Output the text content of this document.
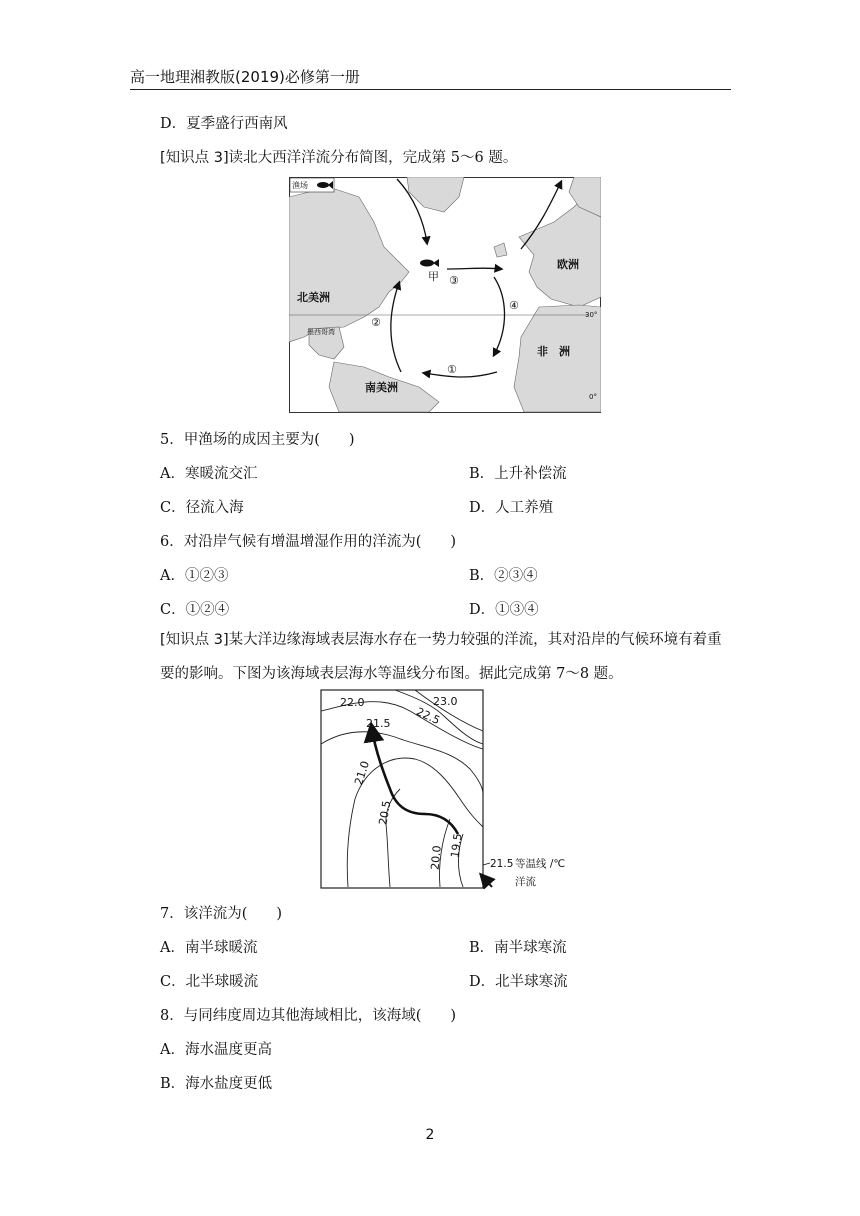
高一地理湘教版(2019)必修第一册
D．夏季盛行西南风
[知识点 3]读北大西洋洋流分布简图，完成第 5～6 题。
30°
0°
渔场
甲 ③
④
②
①
欧洲
北美洲
墨西哥湾
非　洲
南美洲
5．甲渔场的成因主要为(　　)
A．寒暖流交汇	B．上升补偿流
C．径流入海	D．人工养殖
6．对沿岸气候有增温增湿作用的洋流为(　　)
A．①②③	B．②③④
C．①②④	D．①③④
[知识点 3]某大洋边缘海域表层海水存在一势力较强的洋流，其对沿岸的气候环境有着重要的影响。下图为该海域表层海水等温线分布图。据此完成第 7～8 题。
22.0
22.5
23.0
21.5
21.0
20.5
20.0 19.5
21.5 等温线 /℃
洋流
7．该洋流为(　　)
A．南半球暖流	B．南半球寒流
C．北半球暖流	D．北半球寒流
8．与同纬度周边其他海域相比，该海域(　　)
A．海水温度更高
B．海水盐度更低
2
